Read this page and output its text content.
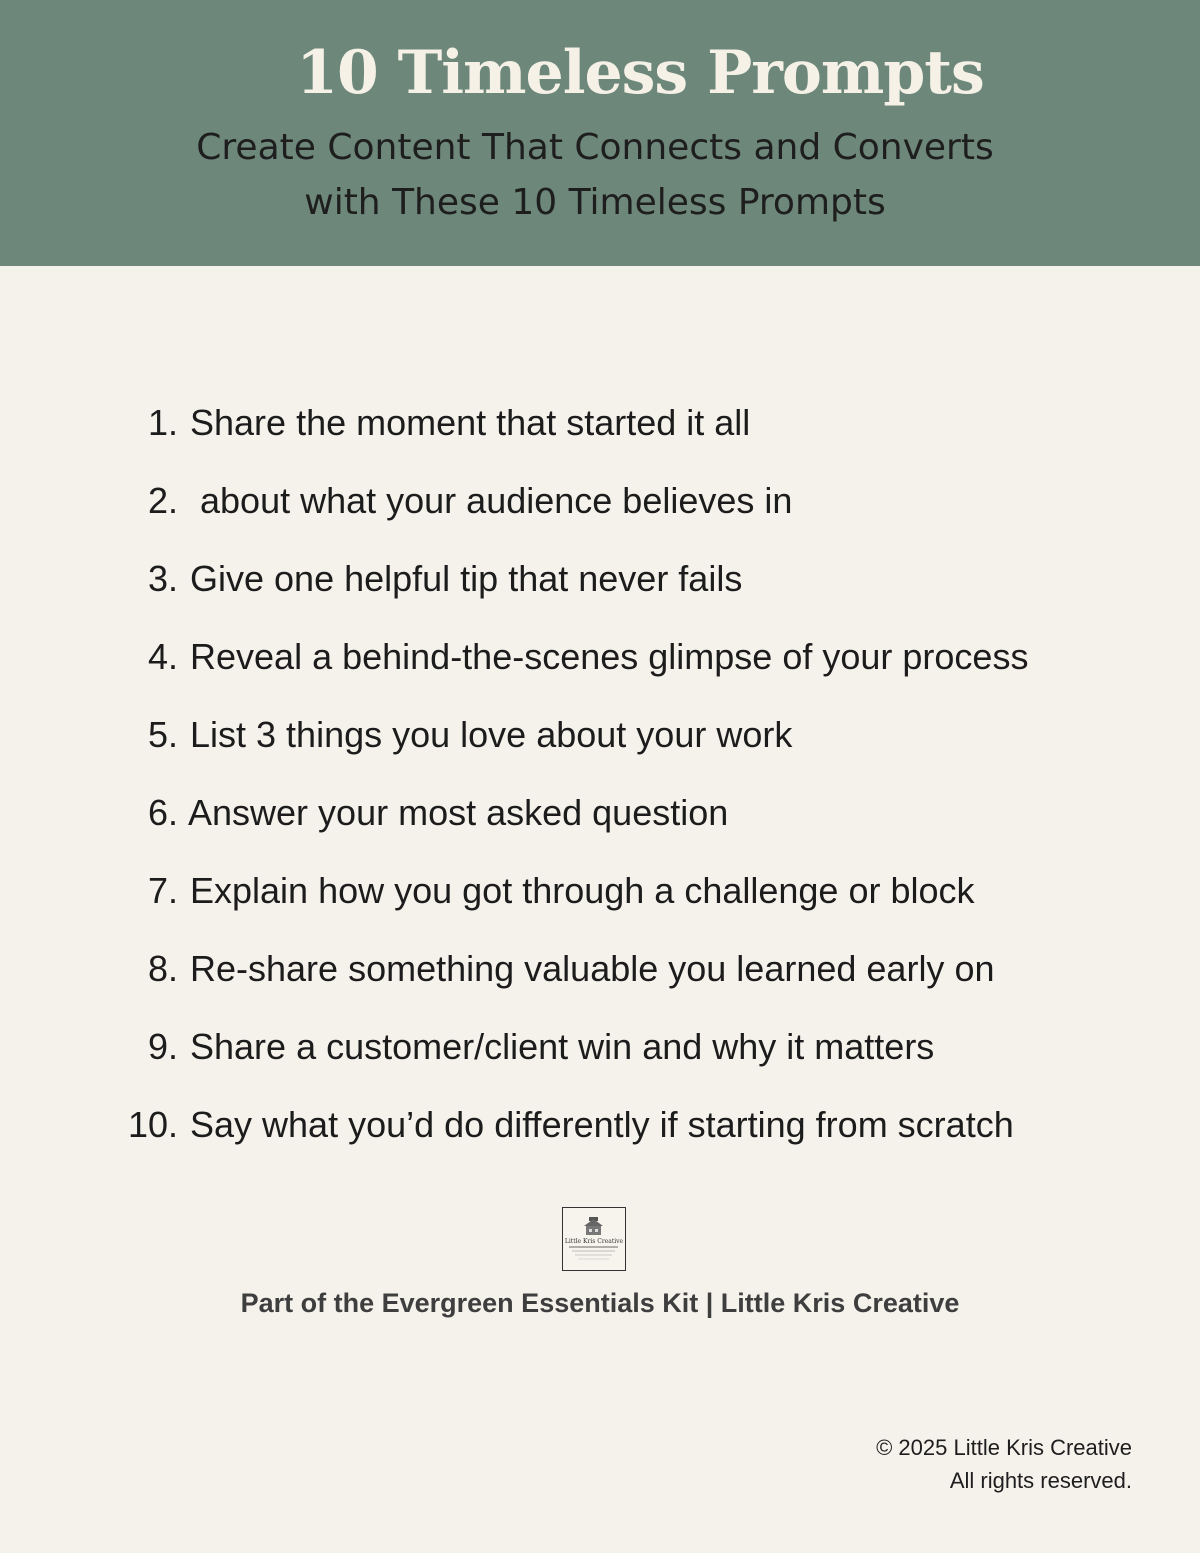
10 Timeless Prompts
Create Content That Connects and Converts
with These 10 Timeless Prompts
1. Share the moment that started it all
2. about what your audience believes in
3. Give one helpful tip that never fails
4. Reveal a behind-the-scenes glimpse of your process
5. List 3 things you love about your work
6. Answer your most asked question
7. Explain how you got through a challenge or block
8. Re-share something valuable you learned early on
9. Share a customer/client win and why it matters
10. Say what you’d do differently if starting from scratch
Little Kris Creative
Part of the Evergreen Essentials Kit | Little Kris Creative
© 2025 Little Kris Creative
All rights reserved.
